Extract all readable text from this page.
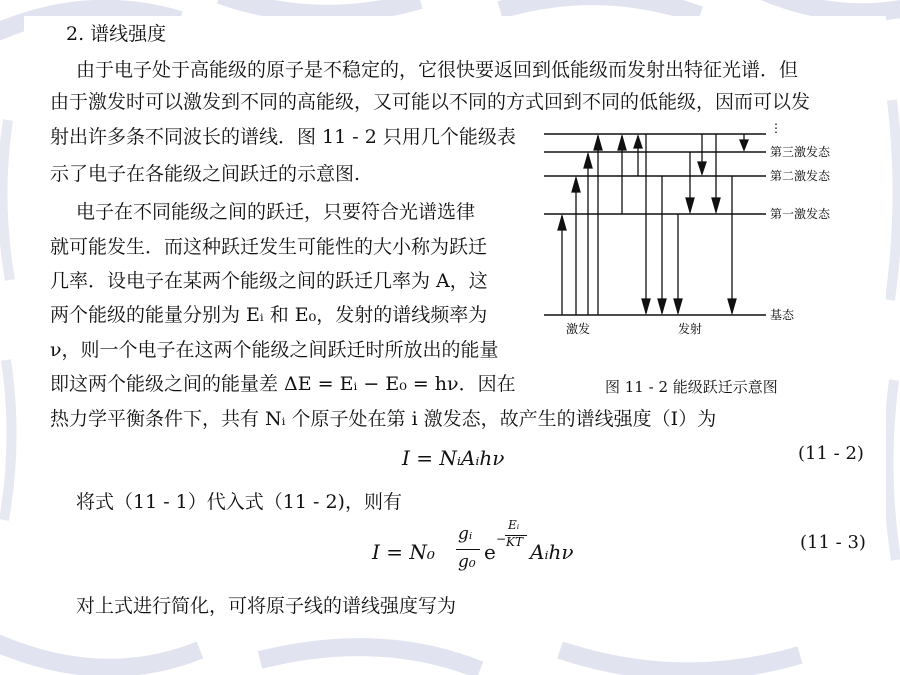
2. 谱线强度
由于电子处于高能级的原子是不稳定的，它很快要返回到低能级而发射出特征光谱．但
由于激发时可以激发到不同的高能级，又可能以不同的方式回到不同的低能级，因而可以发
射出许多条不同波长的谱线．图 11 - 2 只用几个能级表
示了电子在各能级之间跃迁的示意图.
电子在不同能级之间的跃迁，只要符合光谱选律
就可能发生．而这种跃迁发生可能性的大小称为跃迁
几率．设电子在某两个能级之间的跃迁几率为 A，这
两个能级的能量分别为 Eᵢ 和 E₀，发射的谱线频率为
ν，则一个电子在这两个能级之间跃迁时所放出的能量
即这两个能级之间的能量差 ΔE = Eᵢ − E₀ = hν．因在
热力学平衡条件下，共有 Nᵢ 个原子处在第 i 激发态，故产生的谱线强度（I）为
⋮
第三激发态
第二激发态
第一激发态
基态
激发	发射
图 11 - 2 能级跃迁示意图
I = NᵢAᵢhν	(11 - 2)
将式（11 - 1）代入式（11 - 2)，则有
I = N₀
gᵢ
g₀ e
−
Eᵢ
KT Aᵢhν	(11 - 3)
对上式进行简化，可将原子线的谱线强度写为
